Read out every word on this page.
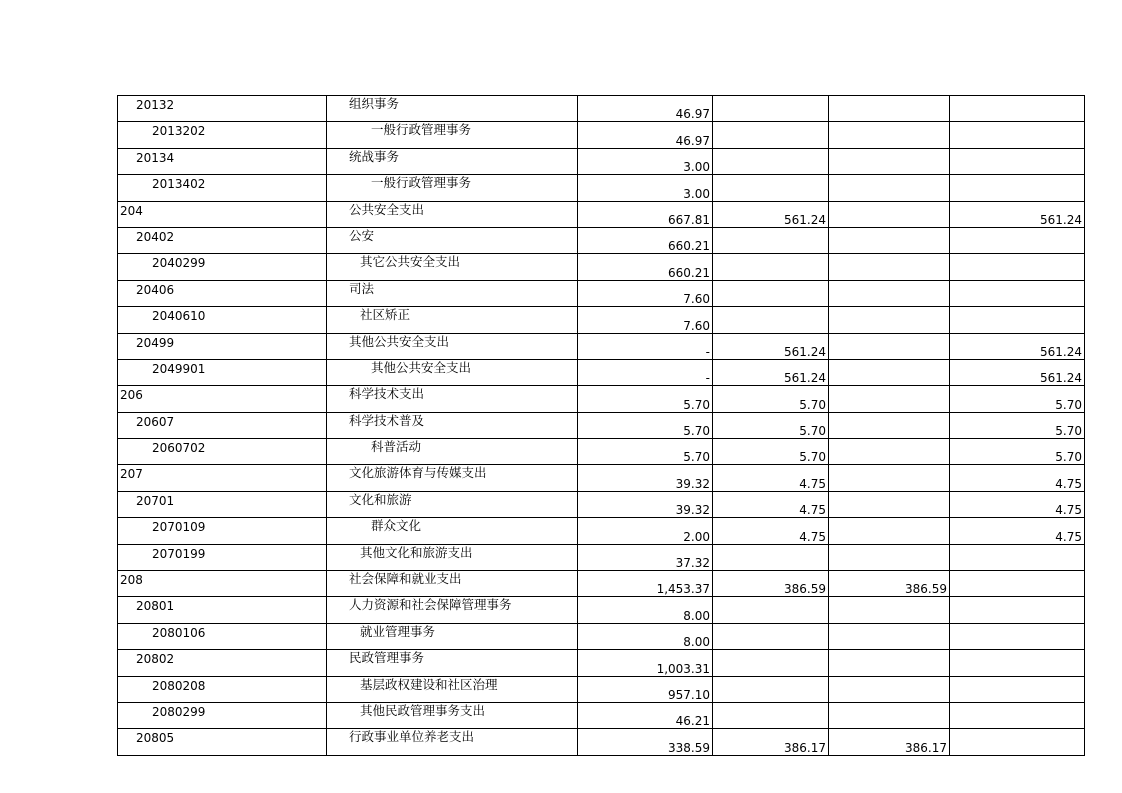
20132	组织事务	46.97			
2013202	一般行政管理事务	46.97			
20134	统战事务	3.00			
2013402	一般行政管理事务	3.00			
204	公共安全支出	667.81	561.24		561.24
20402	公安	660.21			
2040299	其它公共安全支出	660.21			
20406	司法	7.60			
2040610	社区矫正	7.60			
20499	其他公共安全支出	-	561.24		561.24
2049901	其他公共安全支出	-	561.24		561.24
206	科学技术支出	5.70	5.70		5.70
20607	科学技术普及	5.70	5.70		5.70
2060702	科普活动	5.70	5.70		5.70
207	文化旅游体育与传媒支出	39.32	4.75		4.75
20701	文化和旅游	39.32	4.75		4.75
2070109	群众文化	2.00	4.75		4.75
2070199	其他文化和旅游支出	37.32			
208	社会保障和就业支出	1,453.37	386.59	386.59	
20801	人力资源和社会保障管理事务	8.00			
2080106	就业管理事务	8.00			
20802	民政管理事务	1,003.31			
2080208	基层政权建设和社区治理	957.10			
2080299	其他民政管理事务支出	46.21			
20805	行政事业单位养老支出	338.59	386.17	386.17	
